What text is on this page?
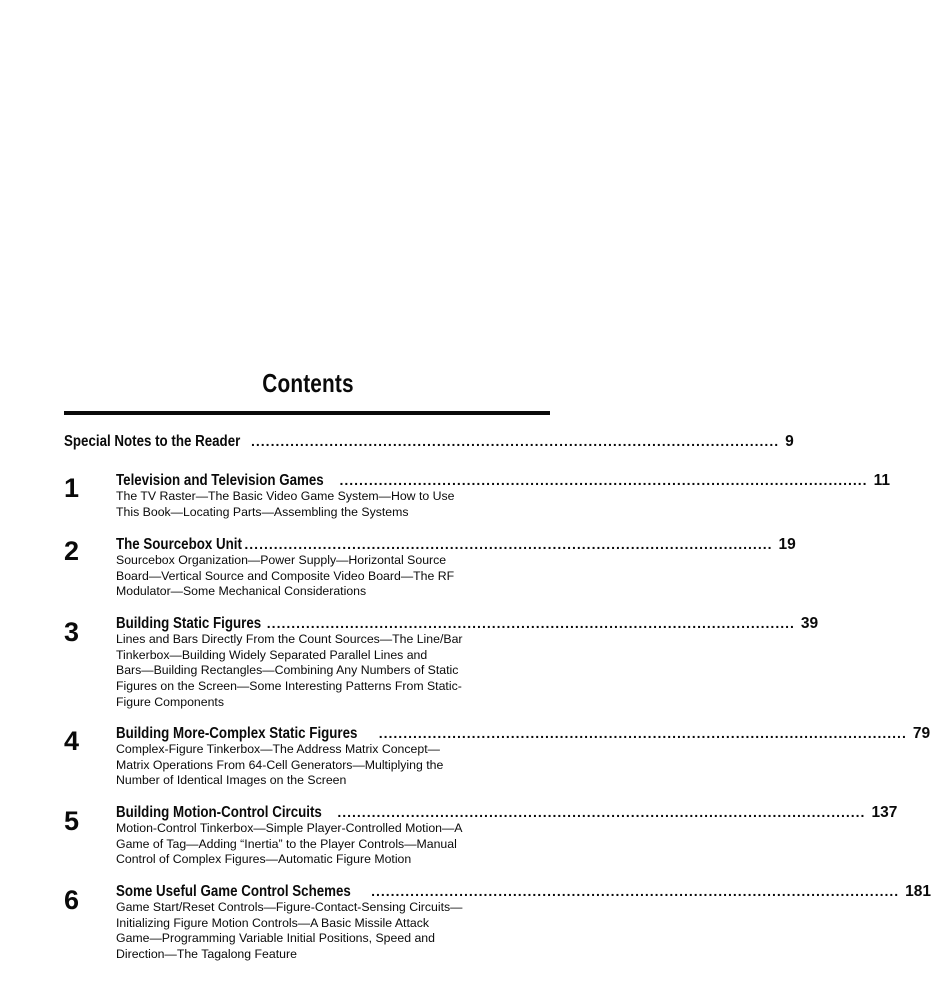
Contents
Special Notes to the Reader ............................................................................................................ 9
1 Television and Television Games ............................................................................................................ 11
The TV Raster—The Basic Video Game System—How to Use
This Book—Locating Parts—Assembling the Systems
2 The Sourcebox Unit ............................................................................................................ 19
Sourcebox Organization—Power Supply—Horizontal Source
Board—Vertical Source and Composite Video Board—The RF
Modulator—Some Mechanical Considerations
3 Building Static Figures ............................................................................................................ 39
Lines and Bars Directly From the Count Sources—The Line/Bar
Tinkerbox—Building Widely Separated Parallel Lines and
Bars—Building Rectangles—Combining Any Numbers of Static
Figures on the Screen—Some Interesting Patterns From Static-
Figure Components
4 Building More-Complex Static Figures ............................................................................................................ 79
Complex-Figure Tinkerbox—The Address Matrix Concept—
Matrix Operations From 64-Cell Generators—Multiplying the
Number of Identical Images on the Screen
5 Building Motion-Control Circuits ............................................................................................................ 137
Motion-Control Tinkerbox—Simple Player-Controlled Motion—A
Game of Tag—Adding “Inertia” to the Player Controls—Manual
Control of Complex Figures—Automatic Figure Motion
6 Some Useful Game Control Schemes ............................................................................................................ 181
Game Start/Reset Controls—Figure-Contact-Sensing Circuits—
Initializing Figure Motion Controls—A Basic Missile Attack
Game—Programming Variable Initial Positions, Speed and
Direction—The Tagalong Feature
